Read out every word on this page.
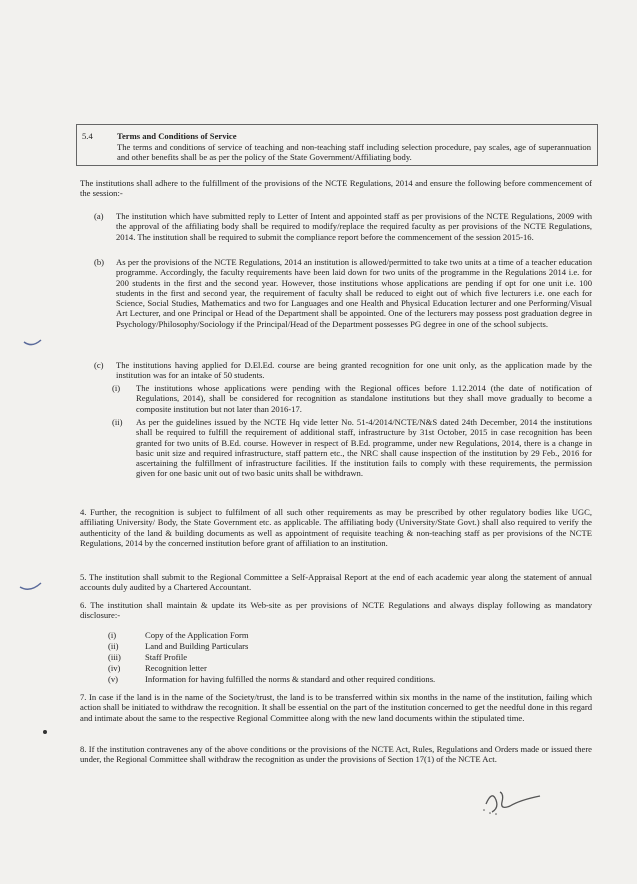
5.4	Terms and Conditions of Service
The terms and conditions of service of teaching and non-teaching staff including selection procedure, pay scales, age of superannuation and other benefits shall be as per the policy of the State Government/Affiliating body.
The institutions shall adhere to the fulfillment of the provisions of the NCTE Regulations, 2014 and ensure the following before commencement of the session:-
(a) The institution which have submitted reply to Letter of Intent and appointed staff as per provisions of the NCTE Regulations, 2009 with the approval of the affiliating body shall be required to modify/replace the required faculty as per provisions of the NCTE Regulations, 2014. The institution shall be required to submit the compliance report before the commencement of the session 2015-16.
(b) As per the provisions of the NCTE Regulations, 2014 an institution is allowed/permitted to take two units at a time of a teacher education programme. Accordingly, the faculty requirements have been laid down for two units of the programme in the Regulations 2014 i.e. for 200 students in the first and the second year. However, those institutions whose applications are pending if opt for one unit i.e. 100 students in the first and second year, the requirement of faculty shall be reduced to eight out of which five lecturers i.e. one each for Science, Social Studies, Mathematics and two for Languages and one Health and Physical Education lecturer and one Performing/Visual Art Lecturer, and one Principal or Head of the Department shall be appointed. One of the lecturers may possess post graduation degree in Psychology/Philosophy/Sociology if the Principal/Head of the Department possesses PG degree in one of the school subjects.
(c) The institutions having applied for D.El.Ed. course are being granted recognition for one unit only, as the application made by the institution was for an intake of 50 students.
(i) The institutions whose applications were pending with the Regional offices before 1.12.2014 (the date of notification of Regulations, 2014), shall be considered for recognition as standalone institutions but they shall move gradually to become a composite institution but not later than 2016-17.
(ii) As per the guidelines issued by the NCTE Hq vide letter No. 51-4/2014/NCTE/N&S dated 24th December, 2014 the institutions shall be required to fulfill the requirement of additional staff, infrastructure by 31st October, 2015 in case recognition has been granted for two units of B.Ed. course. However in respect of B.Ed. programme, under new Regulations, 2014, there is a change in basic unit size and required infrastructure, staff pattern etc., the NRC shall cause inspection of the institution by 29 Feb., 2016 for ascertaining the fulfillment of infrastructure facilities. If the institution fails to comply with these requirements, the permission given for one basic unit out of two basic units shall be withdrawn.
4. Further, the recognition is subject to fulfilment of all such other requirements as may be prescribed by other regulatory bodies like UGC, affiliating University/ Body, the State Government etc. as applicable. The affiliating body (University/State Govt.) shall also required to verify the authenticity of the land & building documents as well as appointment of requisite teaching & non-teaching staff as per provisions of the NCTE Regulations, 2014 by the concerned institution before grant of affiliation to an institution.
5. The institution shall submit to the Regional Committee a Self-Appraisal Report at the end of each academic year along the statement of annual accounts duly audited by a Chartered Accountant.
6. The institution shall maintain & update its Web-site as per provisions of NCTE Regulations and always display following as mandatory disclosure:-
(i)	Copy of the Application Form
(ii)	Land and Building Particulars
(iii)	Staff Profile
(iv)	Recognition letter
(v)	Information for having fulfilled the norms & standard and other required conditions.
7. In case if the land is in the name of the Society/trust, the land is to be transferred within six months in the name of the institution, failing which action shall be initiated to withdraw the recognition. It shall be essential on the part of the institution concerned to get the needful done in this regard and intimate about the same to the respective Regional Committee along with the new land documents within the stipulated time.
8. If the institution contravenes any of the above conditions or the provisions of the NCTE Act, Rules, Regulations and Orders made or issued there under, the Regional Committee shall withdraw the recognition as under the provisions of Section 17(1) of the NCTE Act.
